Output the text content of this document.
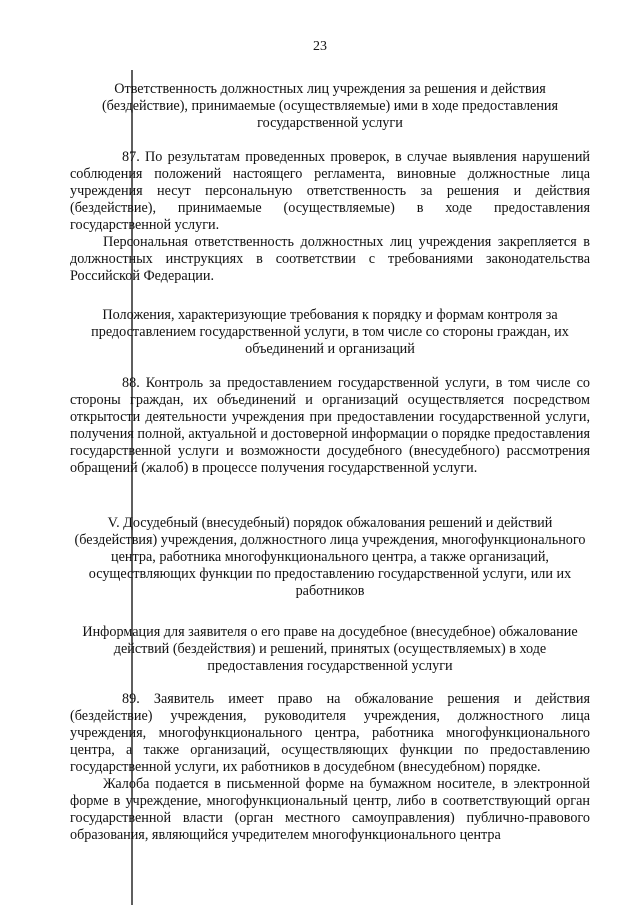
23

Ответственность должностных лиц учреждения за решения и действия (бездействие), принимаемые (осуществляемые) ими в ходе предоставления государственной услуги

87. По результатам проведенных проверок, в случае выявления нарушений соблюдения положений настоящего регламента, виновные должностные лица учреждения несут персональную ответственность за решения и действия (бездействие), принимаемые (осуществляемые) в ходе предоставления государственной услуги.

Персональная ответственность должностных лиц учреждения закрепляется в должностных инструкциях в соответствии с требованиями законодательства Российской Федерации.

Положения, характеризующие требования к порядку и формам контроля за предоставлением государственной услуги, в том числе со стороны граждан, их объединений и организаций

88. Контроль за предоставлением государственной услуги, в том числе со стороны граждан, их объединений и организаций осуществляется посредством открытости деятельности учреждения при предоставлении государственной услуги, получения полной, актуальной и достоверной информации о порядке предоставления государственной услуги и возможности досудебного (внесудебного) рассмотрения обращений (жалоб) в процессе получения государственной услуги.

V. Досудебный (внесудебный) порядок обжалования решений и действий (бездействия) учреждения, должностного лица учреждения, многофункционального центра, работника многофункционального центра, а также организаций, осуществляющих функции по предоставлению государственной услуги, или их работников

Информация для заявителя о его праве на досудебное (внесудебное) обжалование действий (бездействия) и решений, принятых (осуществляемых) в ходе предоставления государственной услуги

89. Заявитель имеет право на обжалование решения и действия (бездействие) учреждения, руководителя учреждения, должностного лица учреждения, многофункционального центра, работника многофункционального центра, а также организаций, осуществляющих функции по предоставлению государственной услуги, их работников в досудебном (внесудебном) порядке.

Жалоба подается в письменной форме на бумажном носителе, в электронной форме в учреждение, многофункциональный центр, либо в соответствующий орган государственной власти (орган местного самоуправления) публично-правового образования, являющийся учредителем многофункционального центра
